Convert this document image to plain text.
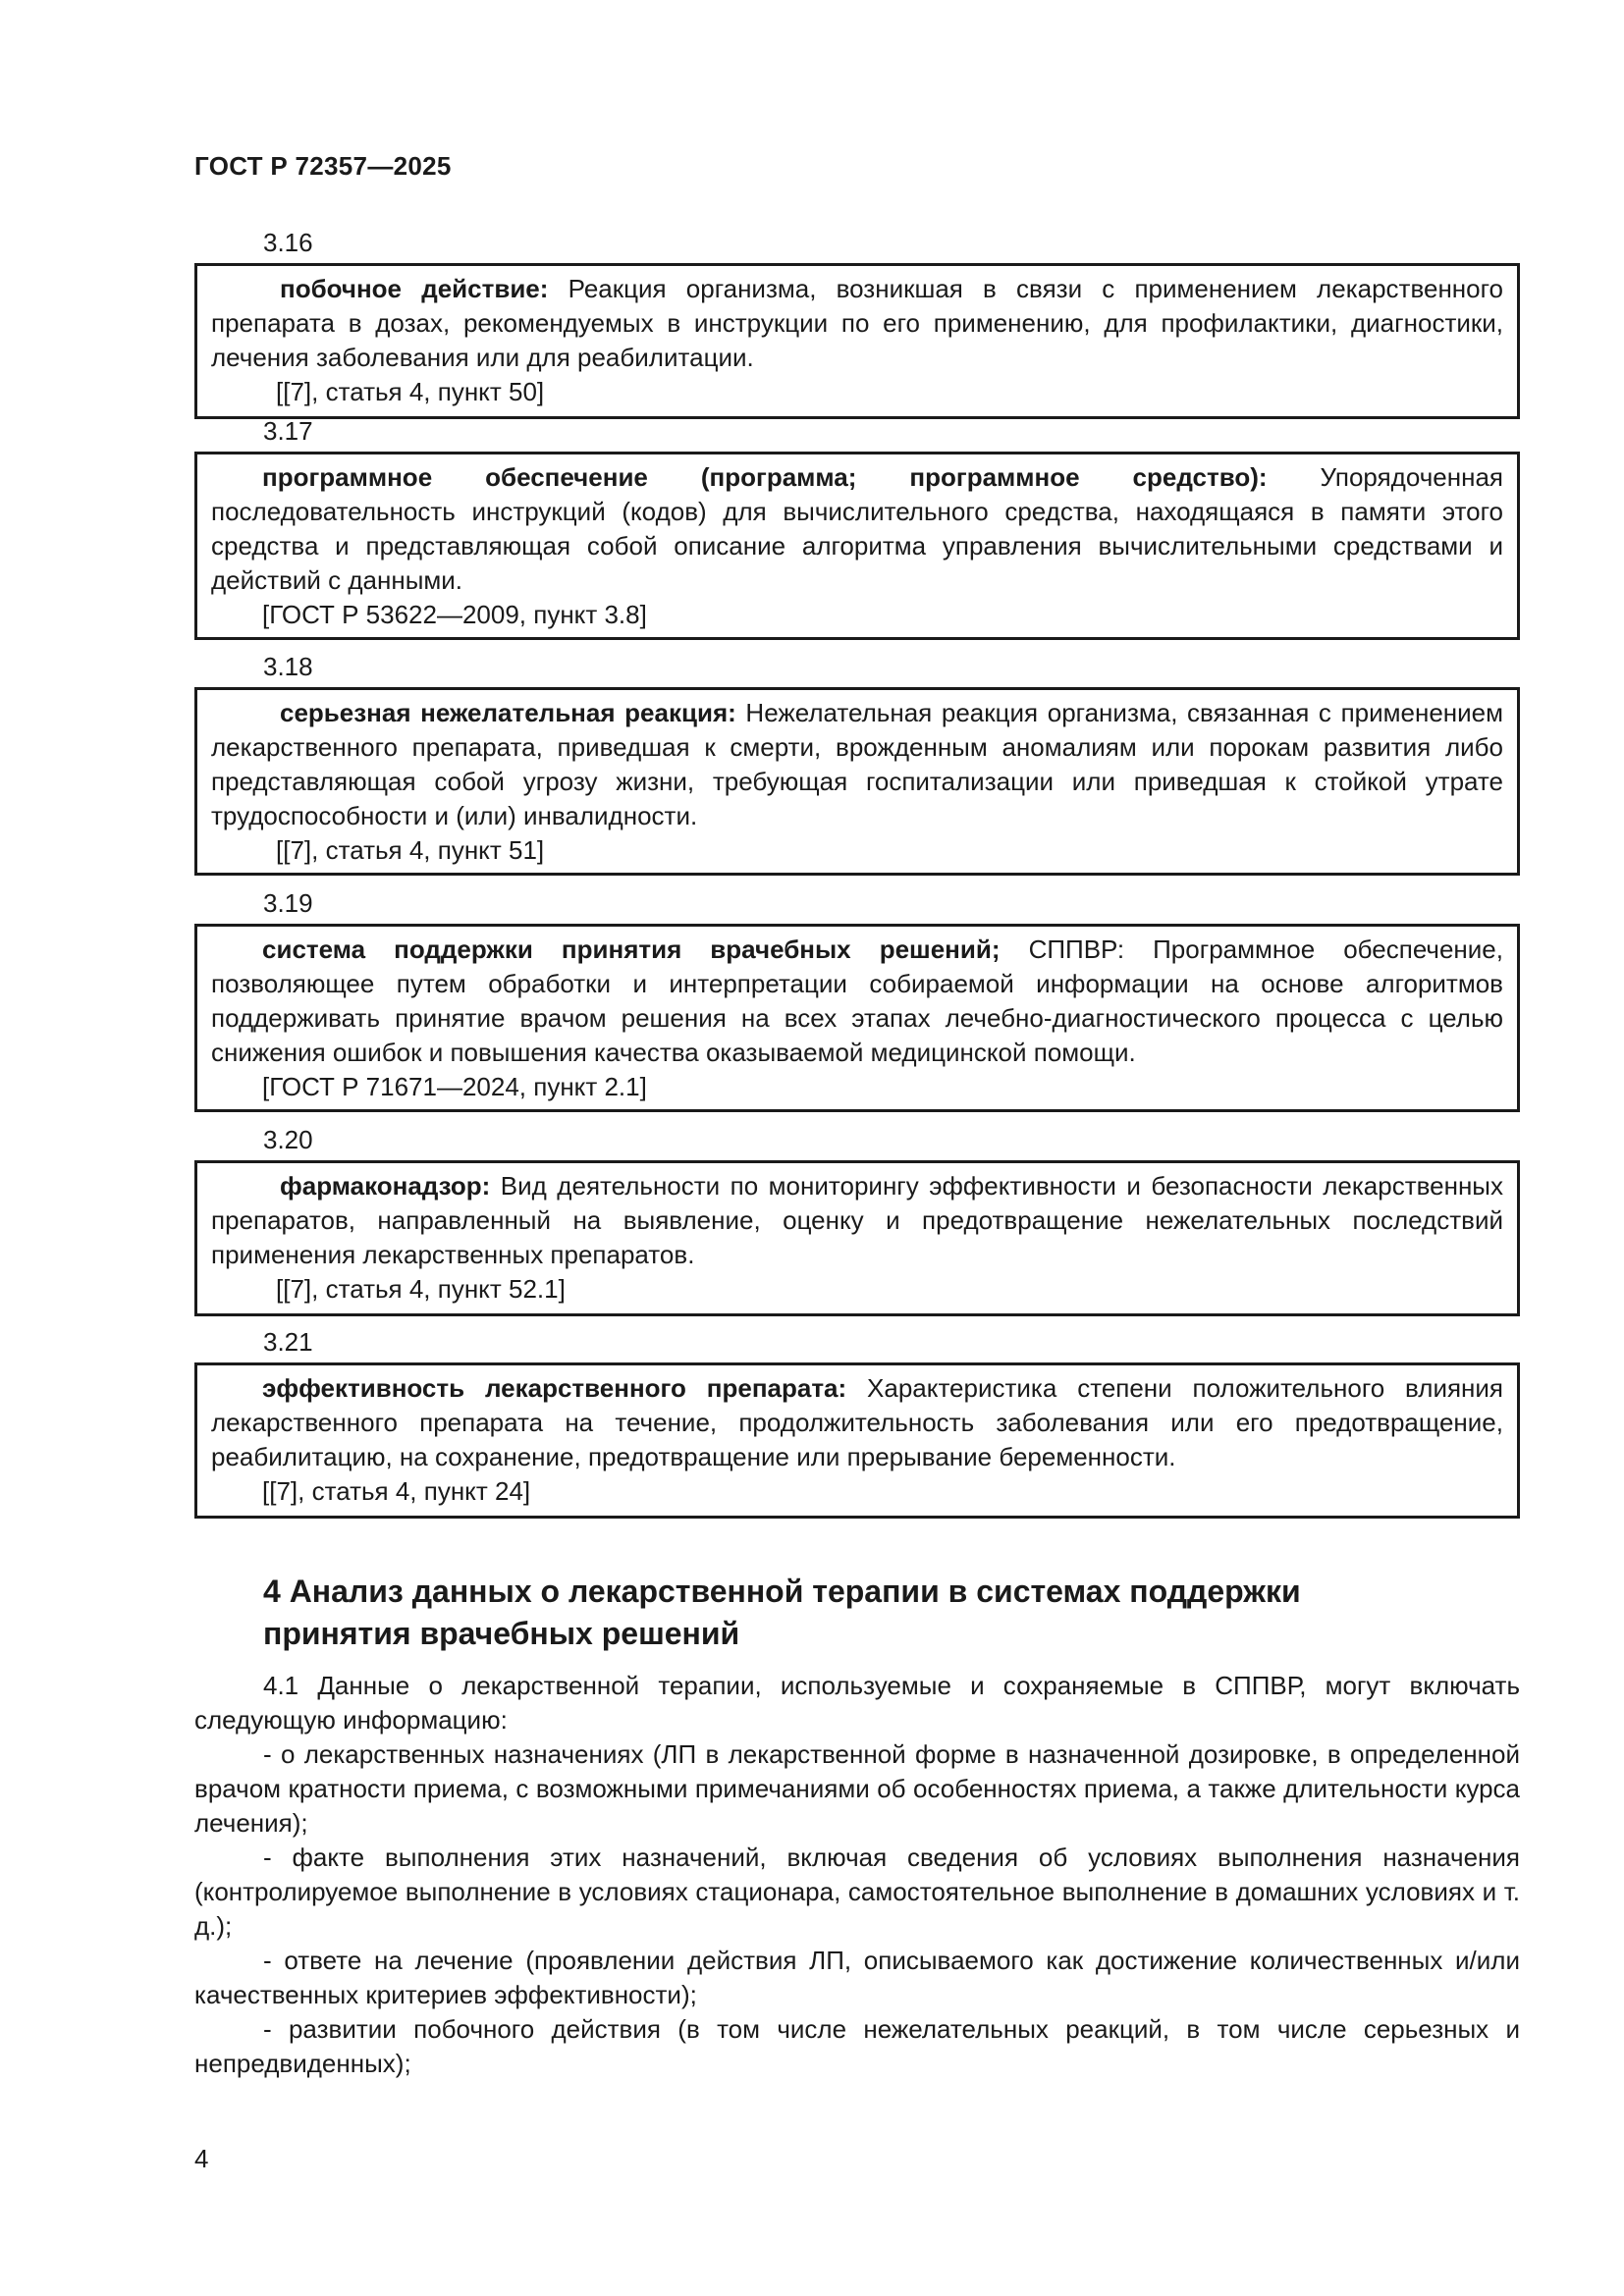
ГОСТ Р 72357—2025
3.16

побочное действие: Реакция организма, возникшая в связи с применением лекарственного препарата в дозах, рекомендуемых в инструкции по его применению, для профилактики, диагностики, лечения заболевания или для реабилитации.

[[7], статья 4, пункт 50]
3.17

программное обеспечение (программа; программное средство): Упорядоченная последовательность инструкций (кодов) для вычислительного средства, находящаяся в памяти этого средства и представляющая собой описание алгоритма управления вычислительными средствами и действий с данными.

[ГОСТ Р 53622—2009, пункт 3.8]
3.18

серьезная нежелательная реакция: Нежелательная реакция организма, связанная с применением лекарственного препарата, приведшая к смерти, врожденным аномалиям или порокам развития либо представляющая собой угрозу жизни, требующая госпитализации или приведшая к стойкой утрате трудоспособности и (или) инвалидности.

[[7], статья 4, пункт 51]
3.19

система поддержки принятия врачебных решений; СППВР: Программное обеспечение, позволяющее путем обработки и интерпретации собираемой информации на основе алгоритмов поддерживать принятие врачом решения на всех этапах лечебно-диагностического процесса с целью снижения ошибок и повышения качества оказываемой медицинской помощи.

[ГОСТ Р 71671—2024, пункт 2.1]
3.20

фармаконадзор: Вид деятельности по мониторингу эффективности и безопасности лекарственных препаратов, направленный на выявление, оценку и предотвращение нежелательных последствий применения лекарственных препаратов.

[[7], статья 4, пункт 52.1]
3.21

эффективность лекарственного препарата: Характеристика степени положительного влияния лекарственного препарата на течение, продолжительность заболевания или его предотвращение, реабилитацию, на сохранение, предотвращение или прерывание беременности.

[[7], статья 4, пункт 24]
4 Анализ данных о лекарственной терапии в системах поддержки
принятия врачебных решений

4.1 Данные о лекарственной терапии, используемые и сохраняемые в СППВР, могут включать следующую информацию:

- о лекарственных назначениях (ЛП в лекарственной форме в назначенной дозировке, в определенной врачом кратности приема, с возможными примечаниями об особенностях приема, а также длительности курса лечения);

- факте выполнения этих назначений, включая сведения об условиях выполнения назначения (контролируемое выполнение в условиях стационара, самостоятельное выполнение в домашних условиях и т. д.);

- ответе на лечение (проявлении действия ЛП, описываемого как достижение количественных и/или качественных критериев эффективности);

- развитии побочного действия (в том числе нежелательных реакций, в том числе серьезных и непредвиденных);

4
